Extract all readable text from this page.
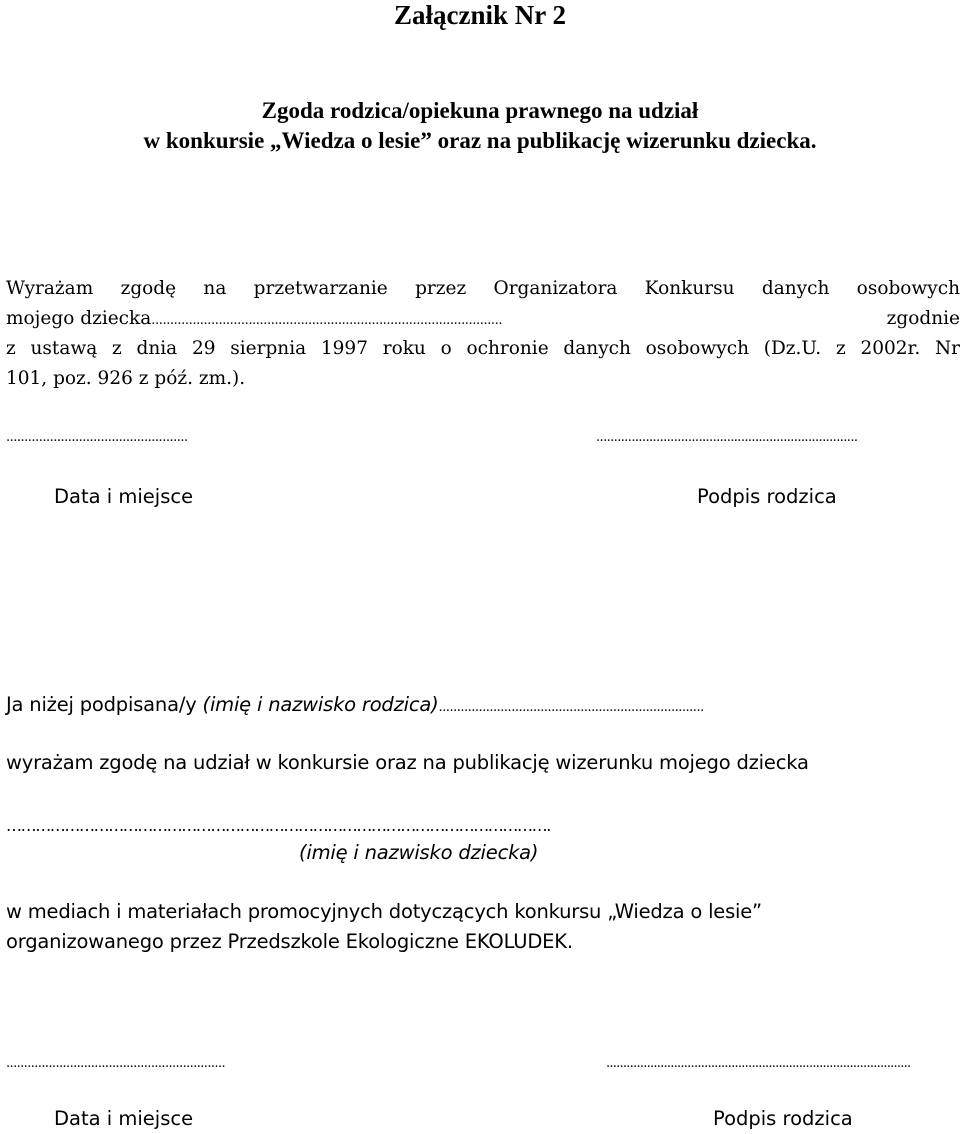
Załącznik Nr 2
Zgoda rodzica/opiekuna prawnego na udział
w konkursie „Wiedza o lesie” oraz na publikację wizerunku dziecka.
Wyrażam zgodę na przetwarzanie przez Organizatora Konkursu danych osobowych
mojego dziecka..............................................................................................	zgodnie
z ustawą z dnia 29 sierpnia 1997 roku o ochronie danych osobowych (Dz.U. z 2002r. Nr
101, poz. 926 z póź. zm.).
..................................................	..........................................................................
Data i miejsce	Podpis rodzica
Ja niżej podpisana/y (imię i nazwisko rodzica).........................................................................
wyrażam zgodę na udział w konkursie oraz na publikację wizerunku mojego dziecka
………………………………………………………………………………………………….
(imię i nazwisko dziecka)
w mediach i materiałach promocyjnych dotyczących konkursu „Wiedza o lesie”
organizowanego przez Przedszkole Ekologiczne EKOLUDEK.
..............................................................	..........................................................................................
Data i miejsce	Podpis rodzica
